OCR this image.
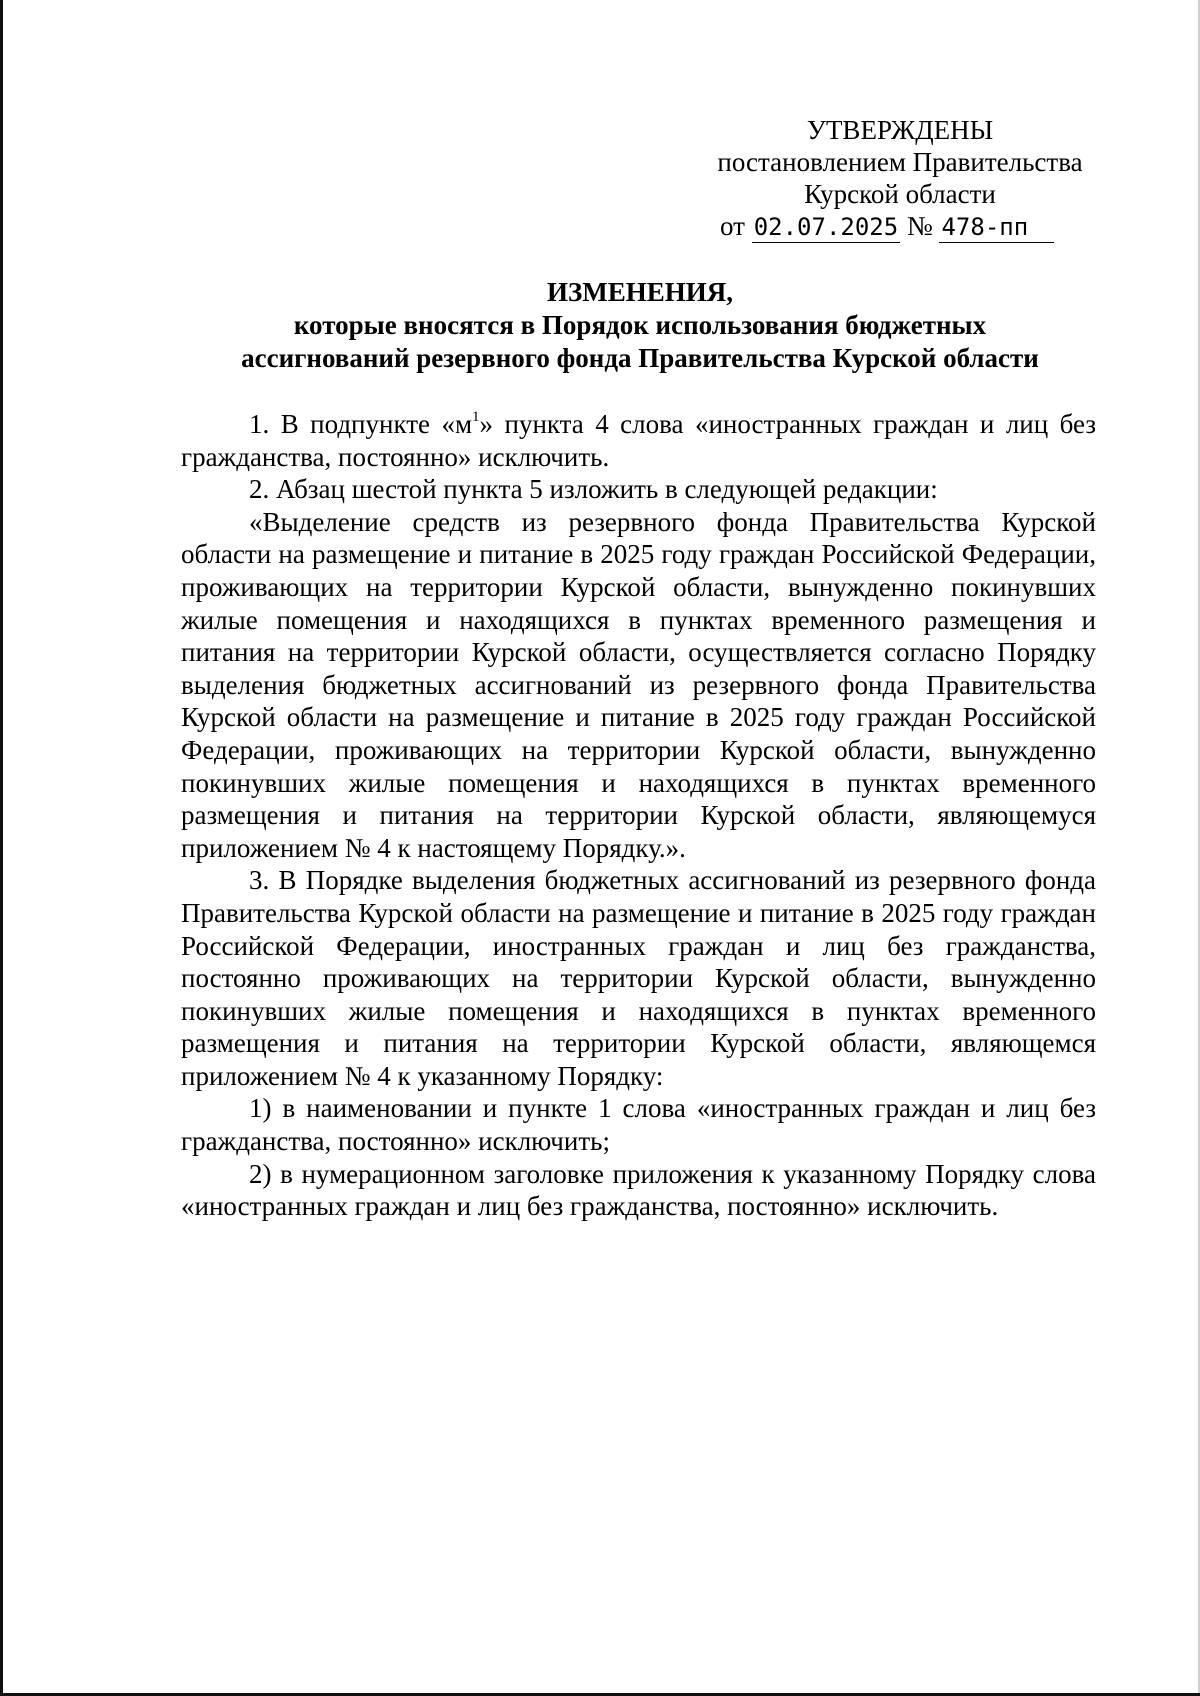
УТВЕРЖДЕНЫ
постановлением Правительства
Курской области
от 02.07.2025 № 478-пп
ИЗМЕНЕНИЯ,
которые вносятся в Порядок использования бюджетных
ассигнований резервного фонда Правительства Курской области

1. В подпункте «$м^1$» пункта 4 слова «иностранных граждан и лиц без гражданства, постоянно» исключить.

2. Абзац шестой пункта 5 изложить в следующей редакции:

«Выделение средств из резервного фонда Правительства Курской области на размещение и питание в 2025 году граждан Российской Федерации, проживающих на территории Курской области, вынужденно покинувших жилые помещения и находящихся в пунктах временного размещения и питания на территории Курской области, осуществляется согласно Порядку выделения бюджетных ассигнований из резервного фонда Правительства Курской области на размещение и питание в 2025 году граждан Российской Федерации, проживающих на территории Курской области, вынужденно покинувших жилые помещения и находящихся в пунктах временного размещения и питания на территории Курской области, являющемуся приложением № 4 к настоящему Порядку.».

3. В Порядке выделения бюджетных ассигнований из резервного фонда Правительства Курской области на размещение и питание в 2025 году граждан Российской Федерации, иностранных граждан и лиц без гражданства, постоянно проживающих на территории Курской области, вынужденно покинувших жилые помещения и находящихся в пунктах временного размещения и питания на территории Курской области, являющемся приложением № 4 к указанному Порядку:

1) в наименовании и пункте 1 слова «иностранных граждан и лиц без гражданства, постоянно» исключить;

2) в нумерационном заголовке приложения к указанному Порядку слова «иностранных граждан и лиц без гражданства, постоянно» исключить.
